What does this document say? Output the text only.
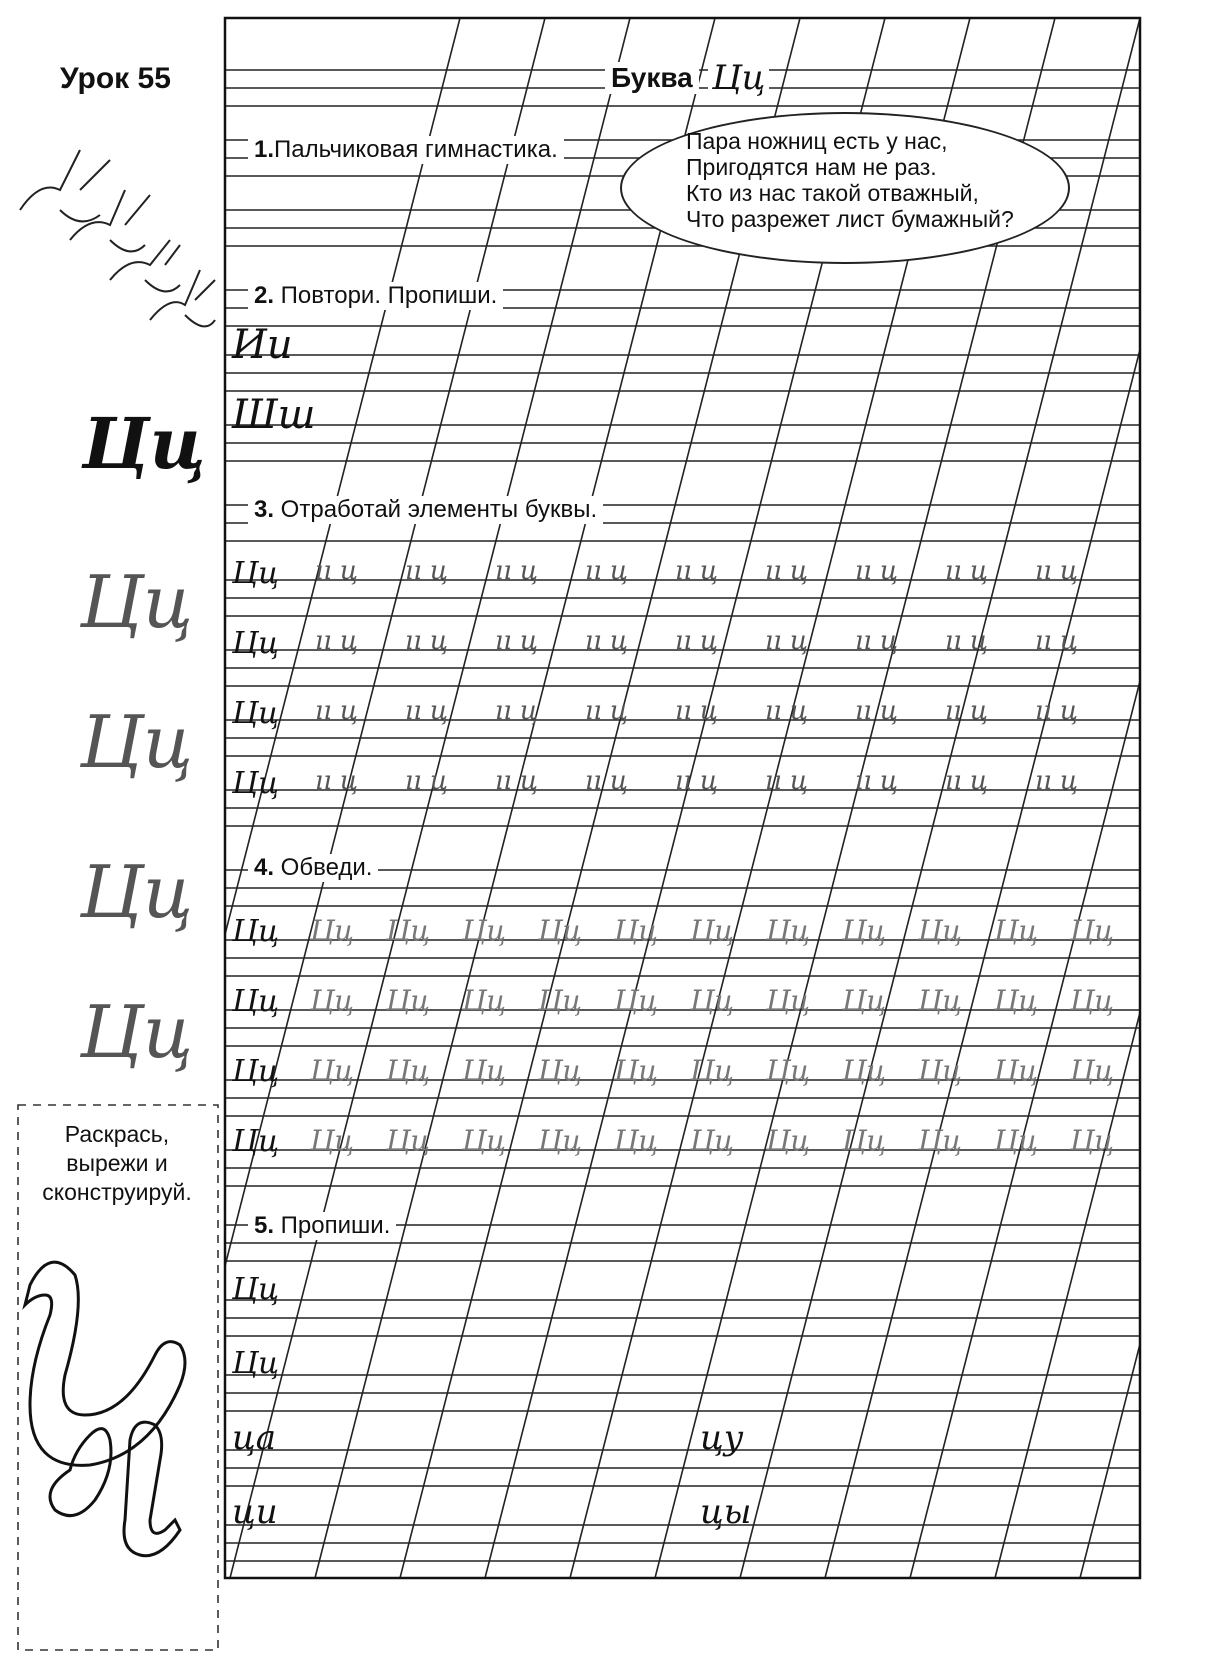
Урок 55	Буква Цц
1.Пальчиковая гимнастика.
2. Повтори. Пропиши.
3. Отработай элементы буквы.
4. Обведи.
5. Пропиши.
Пара ножниц есть у нас,
Пригодятся нам не раз.
Кто из нас такой отважный,
Что разрежет лист бумажный?
Цц
Цц
Цц
Цц
Цц
Раскрась,
вырежи и
сконструируй.
Ии
Шш
Цц ıı ц ıı ц ıı ц ıı ц ıı ц ıı ц ıı ц ıı ц ıı ц
Цц ıı ц ıı ц ıı ц ıı ц ıı ц ıı ц ıı ц ıı ц ıı ц
Цц ıı ц ıı ц ıı ц ıı ц ıı ц ıı ц ıı ц ıı ц ıı ц
Цц ıı ц ıı ц ıı ц ıı ц ıı ц ıı ц ıı ц ıı ц ıı ц
Цц Цц Цц Цц Цц Цц Цц Цц Цц Цц Цц Цц
Цц Цц Цц Цц Цц Цц Цц Цц Цц Цц Цц Цц
Цц Цц Цц Цц Цц Цц Цц Цц Цц Цц Цц Цц
Цц Цц Цц Цц Цц Цц Цц Цц Цц Цц Цц Цц
Цц
Цц
ца	цу
ци	цы
